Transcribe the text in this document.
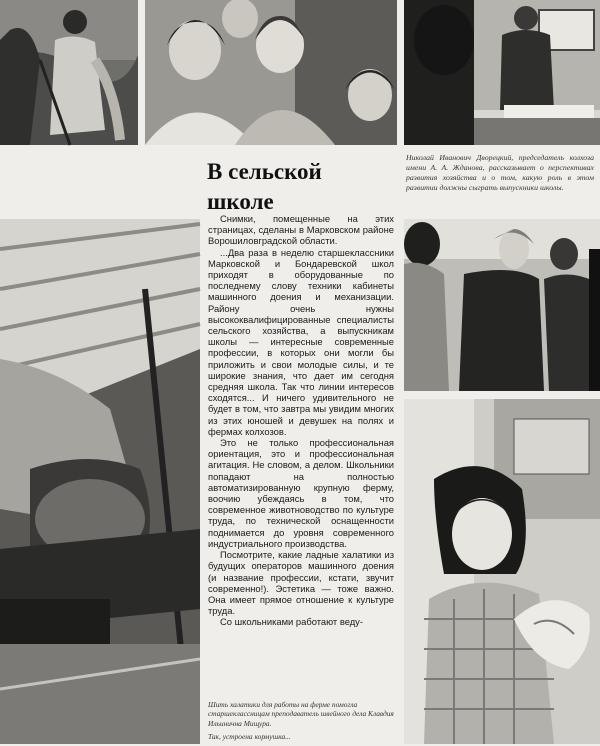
В сельской
школе
Николай Иванович Дворецкий, председатель колхоза имени А. А. Жданова, рассказывает о перспективах развития хозяйства и о том, какую роль в этом развитии должны сыграть выпускники школы.

Снимки, помещенные на этих страницах, сделаны в Марковском районе Ворошиловградской области.

...Два раза в неделю старшеклассники Марковской и Бондаревской школ приходят в оборудованные по последнему слову техники кабинеты машинного доения и механизации. Району очень нужны высококвалифицированные специалисты сельского хозяйства, а выпускникам школы — интересные современные профессии, в которых они могли бы приложить и свои молодые силы, и те широкие знания, что дает им сегодня средняя школа. Так что линии интересов сходятся... И ничего удивительного не будет в том, что завтра мы увидим многих из этих юношей и девушек на полях и фермах колхозов.

Это не только профессиональная ориентация, это и профессиональная агитация. Не словом, а делом. Школьники попадают на полностью автоматизированную крупную ферму, воочию убеждаясь в том, что современное животноводство по культуре труда, по технической оснащенности поднимается до уровня современного индустриального производства.

Посмотрите, какие ладные халатики из будущих операторов машинного доения (и название профессии, кстати, звучит современно!). Эстетика — тоже важно. Она имеет прямое отношение к культуре труда.

Со школьниками работают веду-

Шить халатики для работы на ферме помогла старшеклассницам преподаватель швейного дела Клавдия Ильинична Мищура.
Так, устроена кормушка...
